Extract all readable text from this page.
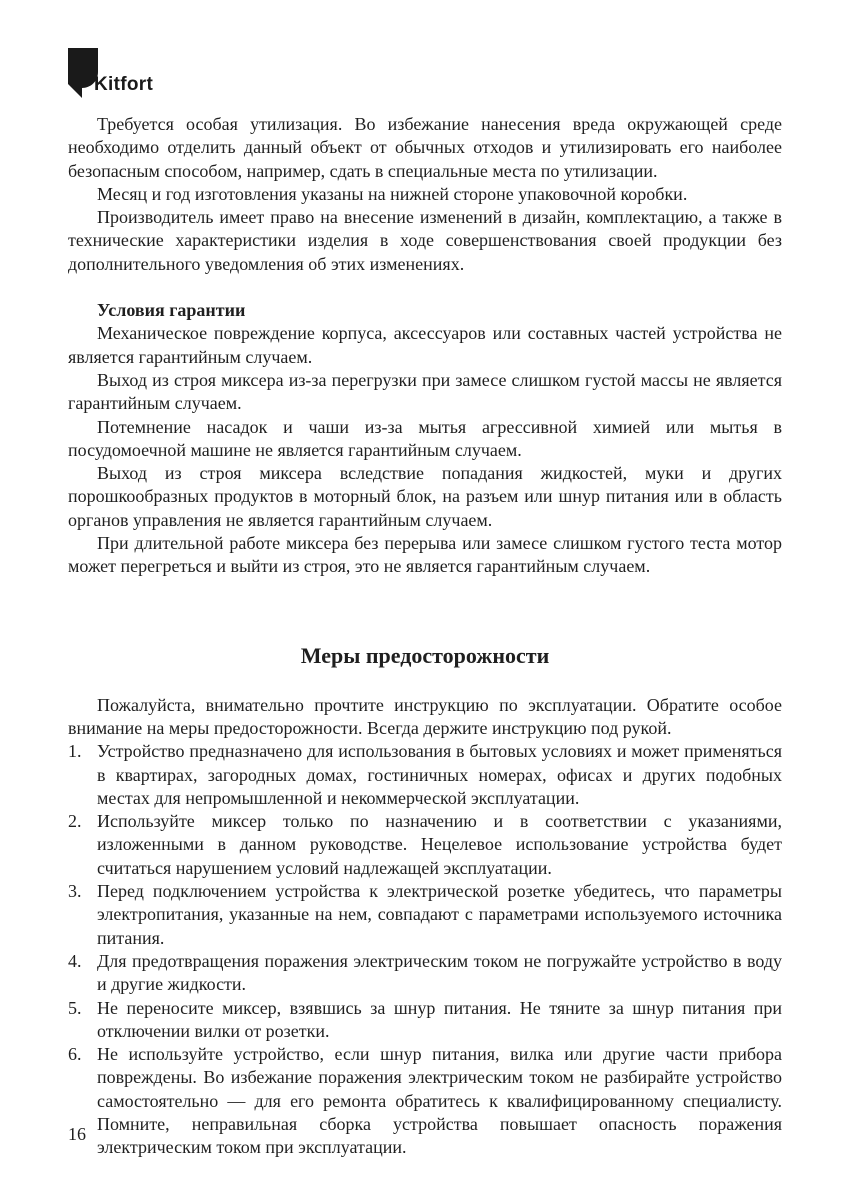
Kitfort

Требуется особая утилизация. Во избежание нанесения вреда окружающей среде необходимо отделить данный объект от обычных отходов и утилизировать его наиболее безопасным способом, например, сдать в специальные места по утилизации.

Месяц и год изготовления указаны на нижней стороне упаковочной коробки.

Производитель имеет право на внесение изменений в дизайн, комплектацию, а также в технические характеристики изделия в ходе совершенствования своей продукции без дополнительного уведомления об этих изменениях.

Условия гарантии

Механическое повреждение корпуса, аксессуаров или составных частей устройства не является гарантийным случаем.

Выход из строя миксера из-за перегрузки при замесе слишком густой массы не является гарантийным случаем.

Потемнение насадок и чаши из-за мытья агрессивной химией или мытья в посудомоечной машине не является гарантийным случаем.

Выход из строя миксера вследствие попадания жидкостей, муки и других порошкообразных продуктов в моторный блок, на разъем или шнур питания или в область органов управления не является гарантийным случаем.

При длительной работе миксера без перерыва или замесе слишком густого теста мотор может перегреться и выйти из строя, это не является гарантийным случаем.

Меры предосторожности

Пожалуйста, внимательно прочтите инструкцию по эксплуатации. Обратите особое внимание на меры предосторожности. Всегда держите инструкцию под рукой.

1. Устройство предназначено для использования в бытовых условиях и может применяться в квартирах, загородных домах, гостиничных номерах, офисах и других подобных местах для непромышленной и некоммерческой эксплуатации.
2. Используйте миксер только по назначению и в соответствии с указаниями, изложенными в данном руководстве. Нецелевое использование устройства будет считаться нарушением условий надлежащей эксплуатации.
3. Перед подключением устройства к электрической розетке убедитесь, что параметры электропитания, указанные на нем, совпадают с параметрами используемого источника питания.
4. Для предотвращения поражения электрическим током не погружайте устройство в воду и другие жидкости.
5. Не переносите миксер, взявшись за шнур питания. Не тяните за шнур питания при отключении вилки от розетки.
6. Не используйте устройство, если шнур питания, вилка или другие части прибора повреждены. Во избежание поражения электрическим током не разбирайте устройство самостоятельно — для его ремонта обратитесь к квалифицированному специалисту. Помните, неправильная сборка устройства повышает опасность поражения электрическим током при эксплуатации.
16
